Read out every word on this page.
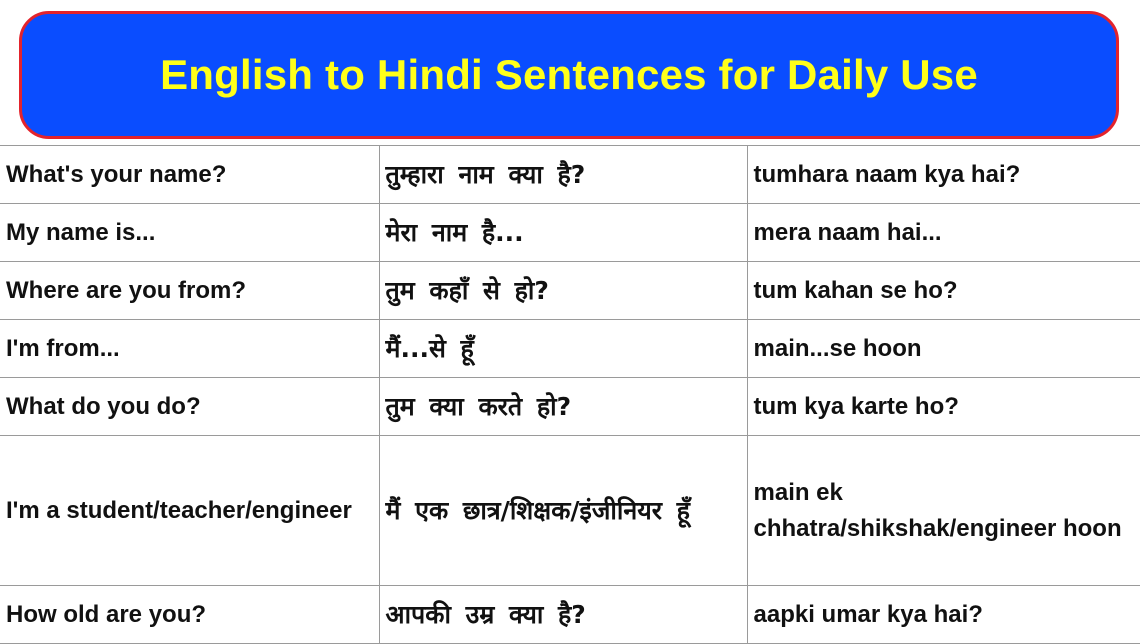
English to Hindi Sentences for Daily Use
What's your name?	तुम्हारा नाम क्या है?	tumhara naam kya hai?
My name is...	मेरा नाम है...	mera naam hai...
Where are you from?	तुम कहाँ से हो?	tum kahan se ho?
I'm from...	मैं...से हूँ	main...se hoon
What do you do?	तुम क्या करते हो?	tum kya karte ho?
I'm a student/teacher/engineer	मैं एक छात्र/शिक्षक/इंजीनियर हूँ	main ek chhatra/shikshak/engineer hoon
How old are you?	आपकी उम्र क्या है?	aapki umar kya hai?
